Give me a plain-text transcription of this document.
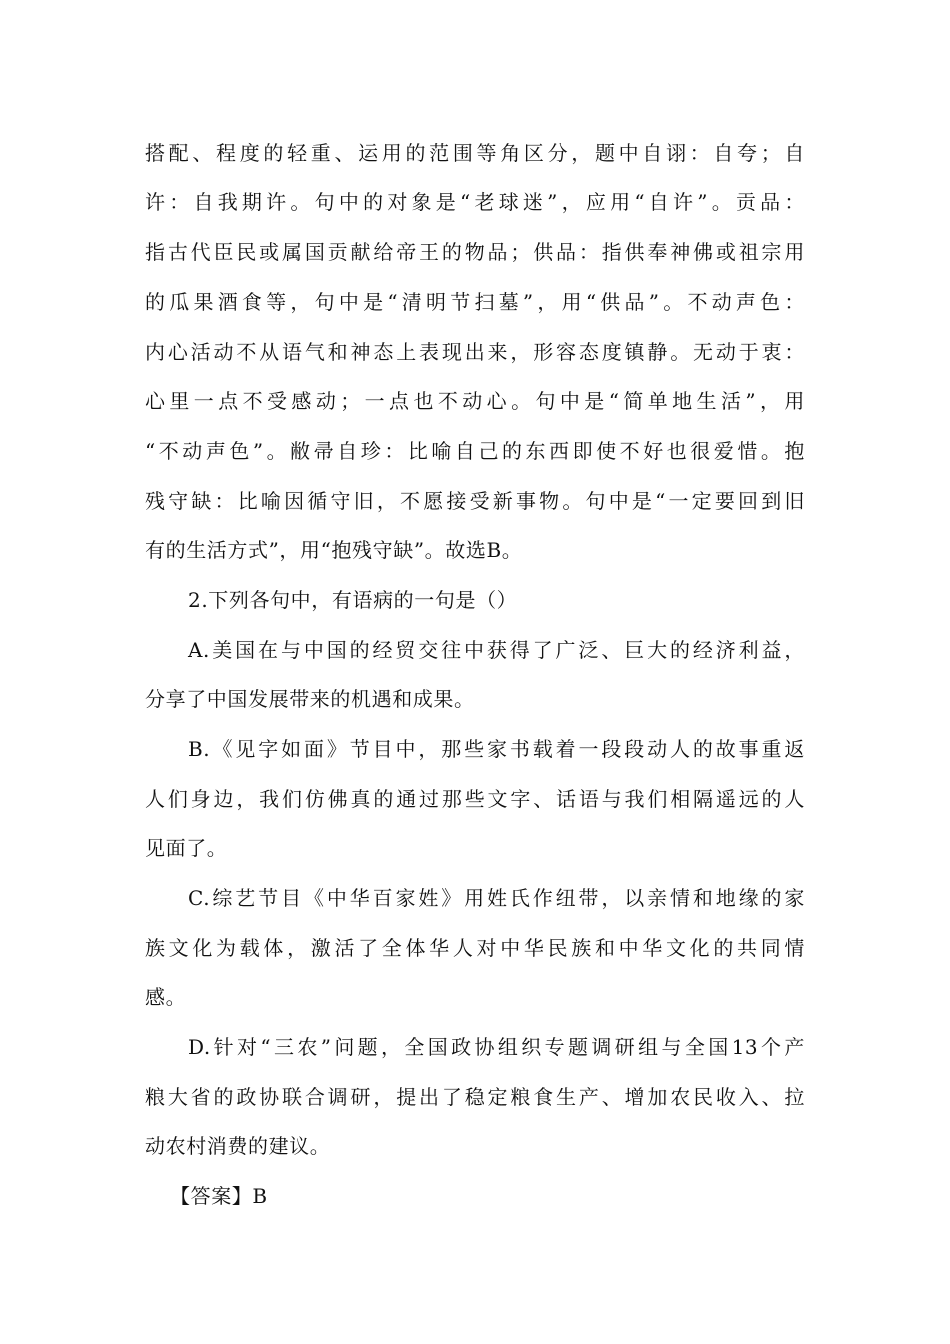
搭配、程度的轻重、运用的范围等角区分，题中自诩：自夸；自

许：自我期许。句中的对象是“老球迷”，应用“自许”。贡品：

指古代臣民或属国贡献给帝王的物品；供品：指供奉神佛或祖宗用

的瓜果酒食等，句中是“清明节扫墓”，用“供品”。不动声色：

内心活动不从语气和神态上表现出来，形容态度镇静。无动于衷：

心里一点不受感动；一点也不动心。句中是“简单地生活”，用

“不动声色”。敝帚自珍：比喻自己的东西即使不好也很爱惜。抱

残守缺：比喻因循守旧，不愿接受新事物。句中是“一定要回到旧

有的生活方式”，用“抱残守缺”。故选B。

2.下列各句中，有语病的一句是（）

A.美国在与中国的经贸交往中获得了广泛、巨大的经济利益，

分享了中国发展带来的机遇和成果。

B.《见字如面》节目中，那些家书载着一段段动人的故事重返

人们身边，我们仿佛真的通过那些文字、话语与我们相隔遥远的人

见面了。

C.综艺节目《中华百家姓》用姓氏作纽带，以亲情和地缘的家

族文化为载体，激活了全体华人对中华民族和中华文化的共同情

感。

D.针对“三农”问题，全国政协组织专题调研组与全国13个产

粮大省的政协联合调研，提出了稳定粮食生产、增加农民收入、拉

动农村消费的建议。

【答案】B
